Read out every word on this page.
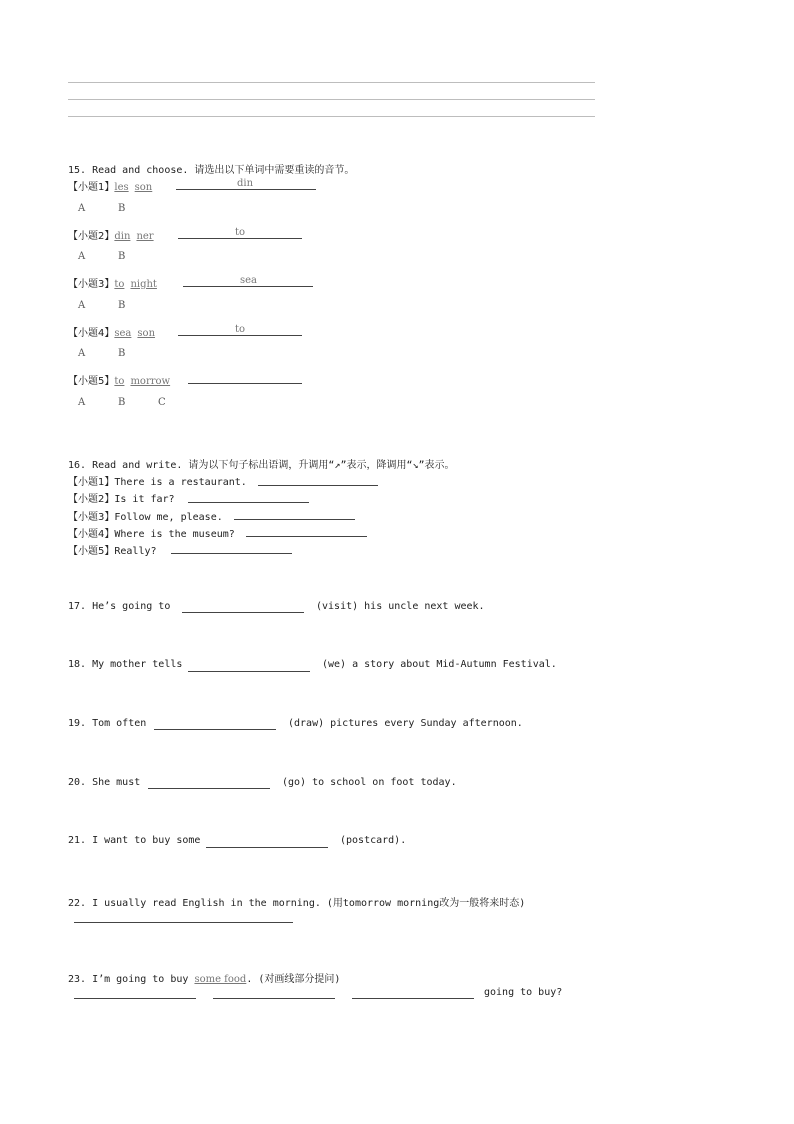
15. Read and choose. 请选出以下单词中需要重读的音节。
【小题1】les son	din
A	B
【小题2】din ner	to
A	B
【小题3】to night	sea
A	B
【小题4】sea son	to
A	B
【小题5】to morrow
A	B	C
16. Read and write. 请为以下句子标出语调，升调用“↗”表示，降调用“↘”表示。
【小题1】There is a restaurant.
【小题2】Is it far?
【小题3】Follow me, please.
【小题4】Where is the museum?
【小题5】Really?
17. He’s going to	(visit) his uncle next week.
18. My mother tells	(we) a story about Mid-Autumn Festival.
19. Tom often	(draw) pictures every Sunday afternoon.
20. She must	(go) to school on foot today.
21. I want to buy some	(postcard).
22. I usually read English in the morning. (用tomorrow morning改为一般将来时态)
23. I’m going to buy some food. (对画线部分提问)
going to buy?
